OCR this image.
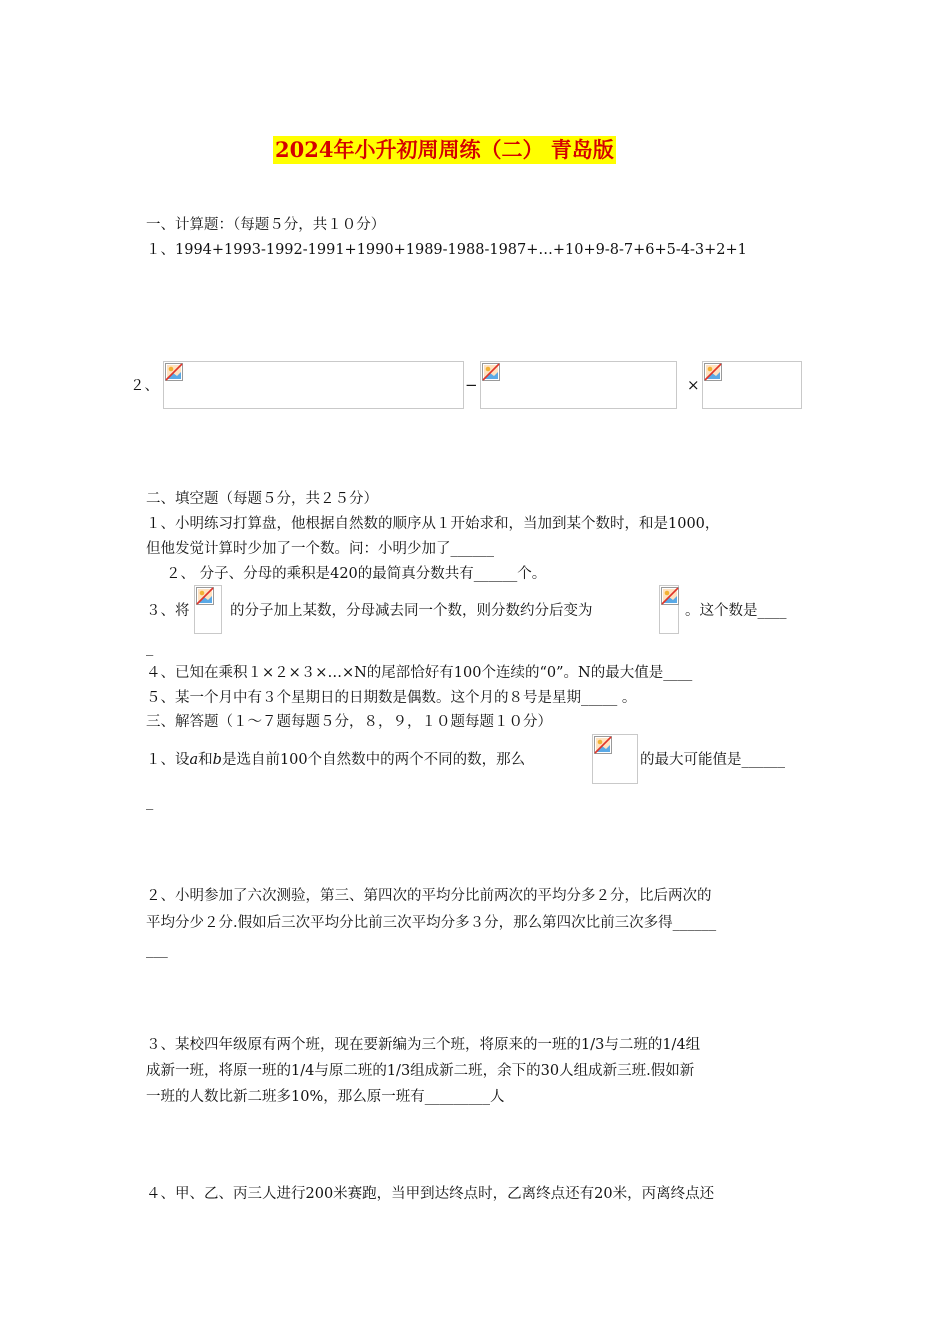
2024年小升初周周练（二） 青岛版
一、计算题：（每题５分，共１０分）
１、1994+1993-1992-1991+1990+1989-1988-1987+…+10+9-8-7+6+5-4-3+2+1
２、	−	×
二、填空题（每题５分，共２５分）
１、小明练习打算盘，他根据自然数的顺序从１开始求和，当加到某个数时，和是1000，
但他发觉计算时少加了一个数。问：小明少加了______
２、 分子、分母的乘积是420的最简真分数共有______个。
３、将	的分子加上某数，分母减去同一个数，则分数约分后变为	。这个数是____
_
４、已知在乘积１×２×３×…×N的尾部恰好有100个连续的“0”。N的最大值是____
５、某一个月中有３个星期日的日期数是偶数。这个月的８号是星期_____ 。
三、解答题（１～７题每题５分，８，９，１０题每题１０分）
１、设a和b是选自前100个自然数中的两个不同的数，那么	的最大可能值是______
_
２、小明参加了六次测验，第三、第四次的平均分比前两次的平均分多２分，比后两次的
平均分少２分.假如后三次平均分比前三次平均分多３分，那么第四次比前三次多得______
___
３、某校四年级原有两个班，现在要新编为三个班，将原来的一班的1/3与二班的1/4组
成新一班，将原一班的1/4与原二班的1/3组成新二班，余下的30人组成新三班.假如新
一班的人数比新二班多10%，那么原一班有_________人
４、甲、乙、丙三人进行200米赛跑，当甲到达终点时，乙离终点还有20米，丙离终点还
